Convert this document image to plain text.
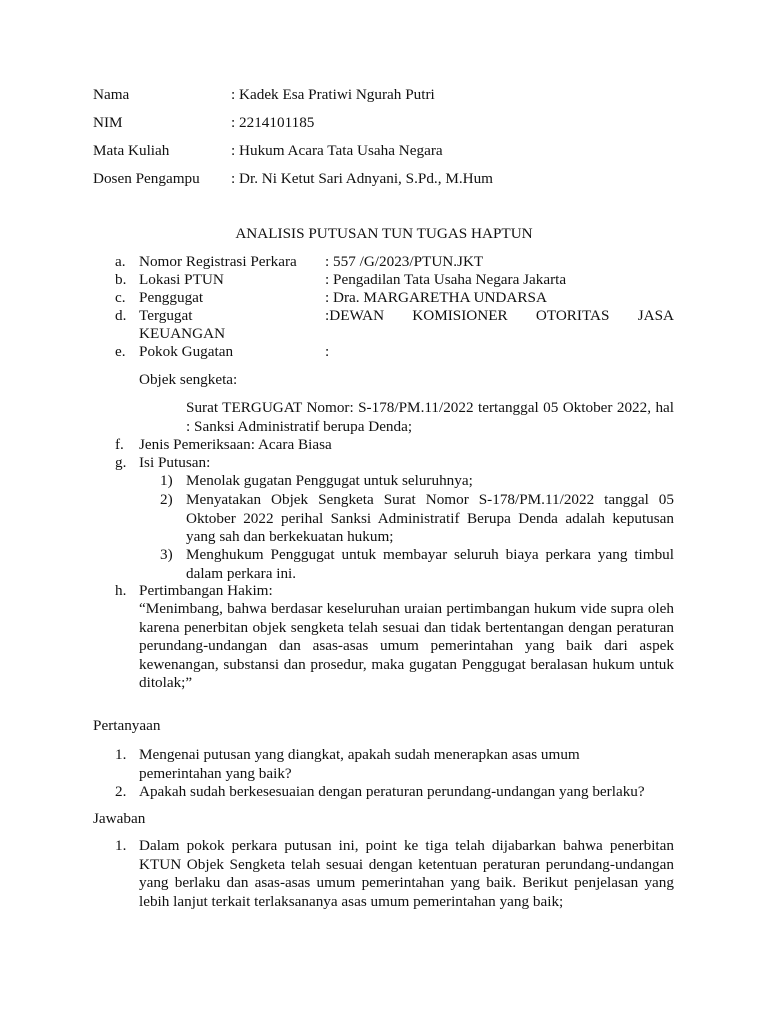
Nama	: Kadek Esa Pratiwi Ngurah Putri
NIM	: 2214101185
Mata Kuliah	: Hukum Acara Tata Usaha Negara
Dosen Pengampu : Dr. Ni Ketut Sari Adnyani, S.Pd., M.Hum
ANALISIS PUTUSAN TUN TUGAS HAPTUN
a. Nomor Registrasi Perkara : 557 /G/2023/PTUN.JKT
b. Lokasi PTUN	: Pengadilan Tata Usaha Negara Jakarta
c. Penggugat	: Dra. MARGARETHA UNDARSA
d. Tergugat	:DEWAN KOMISIONER OTORITAS JASA
KEUANGAN
e. Pokok Gugatan	:
Objek sengketa:
Surat TERGUGAT Nomor: S-178/PM.11/2022 tertanggal 05 Oktober 2022, hal : Sanksi Administratif berupa Denda;
f. Jenis Pemeriksaan: Acara Biasa
g. Isi Putusan:
1) Menolak gugatan Penggugat untuk seluruhnya;
2) Menyatakan Objek Sengketa Surat Nomor S-178/PM.11/2022 tanggal 05 Oktober 2022 perihal Sanksi Administratif Berupa Denda adalah keputusan yang sah dan berkekuatan hukum;
3) Menghukum Penggugat untuk membayar seluruh biaya perkara yang timbul dalam perkara ini.
h. Pertimbangan Hakim:
“Menimbang, bahwa berdasar keseluruhan uraian pertimbangan hukum vide supra oleh karena penerbitan objek sengketa telah sesuai dan tidak bertentangan dengan peraturan perundang-undangan dan asas-asas umum pemerintahan yang baik dari aspek kewenangan, substansi dan prosedur, maka gugatan Penggugat beralasan hukum untuk ditolak;”
Pertanyaan
1. Mengenai putusan yang diangkat, apakah sudah menerapkan asas umum pemerintahan yang baik?
2. Apakah sudah berkesesuaian dengan peraturan perundang-undangan yang berlaku?
Jawaban
1. Dalam pokok perkara putusan ini, point ke tiga telah dijabarkan bahwa penerbitan KTUN Objek Sengketa telah sesuai dengan ketentuan peraturan perundang-undangan yang berlaku dan asas-asas umum pemerintahan yang baik. Berikut penjelasan yang lebih lanjut terkait terlaksananya asas umum pemerintahan yang baik;
